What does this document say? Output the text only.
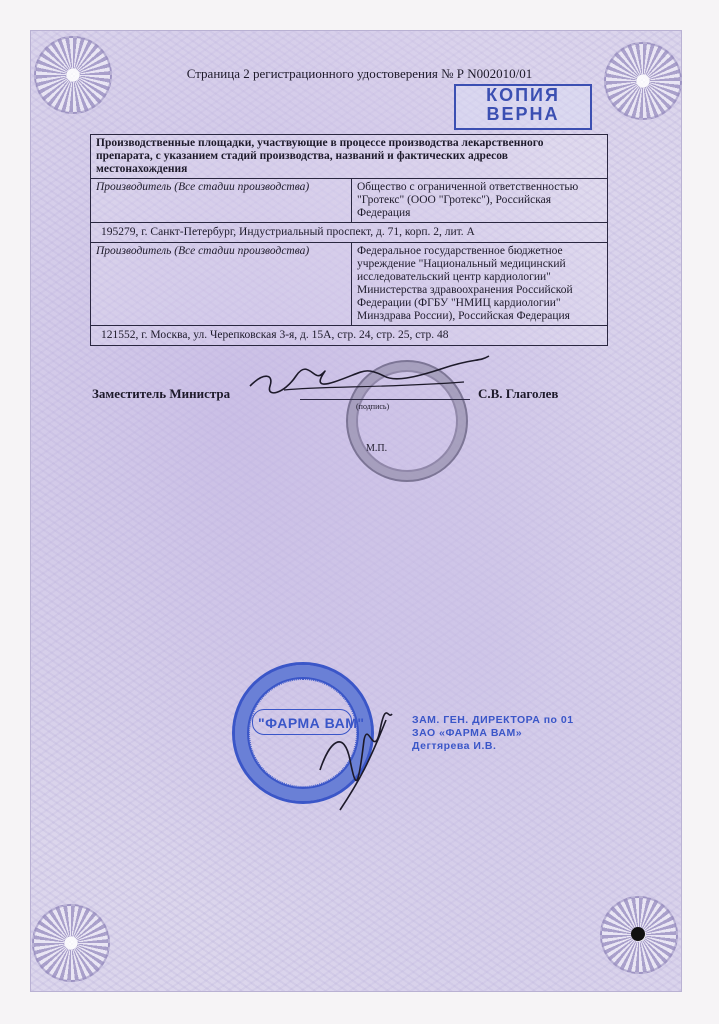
Страница 2 регистрационного удостоверения № Р N002010/01
КОПИЯ
ВЕРНА
Производственные площадки, участвующие в процессе производства лекарственного препарата, с указанием стадий производства, названий и фактических адресов местонахождения	
Производитель (Все стадии производства)	Общество с ограниченной ответственностью "Гротекс" (ООО "Гротекс"), Российская Федерация
195279, г. Санкт-Петербург, Индустриальный проспект, д. 71, корп. 2, лит. А	
Производитель (Все стадии производства)	Федеральное государственное бюджетное учреждение "Национальный медицинский исследовательский центр кардиологии" Министерства здравоохранения Российской Федерации (ФГБУ "НМИЦ кардиологии" Минздрава России), Российская Федерация
121552, г. Москва, ул. Черепковская 3-я, д. 15А, стр. 24, стр. 25, стр. 48	
Заместитель Министра
(подпись)
С.В. Глаголев
М.П.
"ФАРМА ВАМ"	ЗАМ. ГЕН. ДИРЕКТОРА по 01
ЗАО «ФАРМА ВАМ»
Дегтярева И.В.
